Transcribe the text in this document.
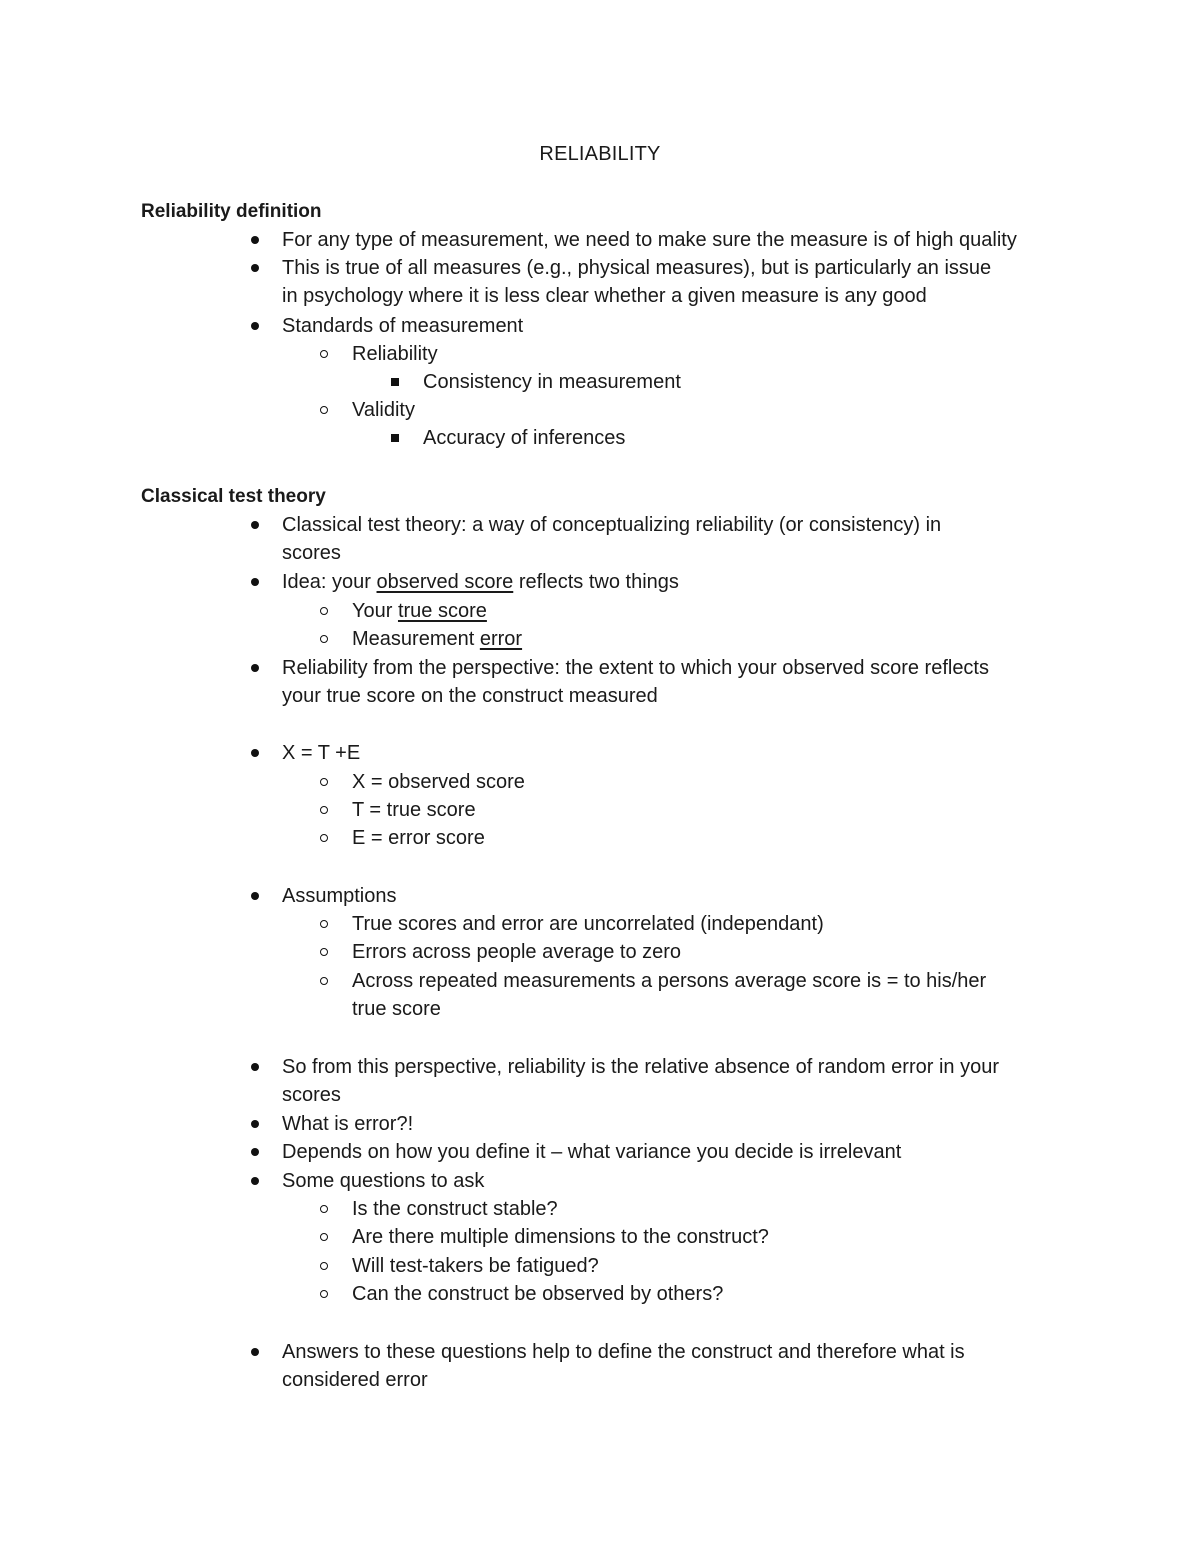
RELIABILITY
Reliability definition
For any type of measurement, we need to make sure the measure is of high quality
This is true of all measures (e.g., physical measures), but is particularly an issue
in psychology where it is less clear whether a given measure is any good
Standards of measurement
Reliability
Consistency in measurement
Validity
Accuracy of inferences
Classical test theory
Classical test theory: a way of conceptualizing reliability (or consistency) in
scores
Idea: your observed score reflects two things
Your true score
Measurement error
Reliability from the perspective: the extent to which your observed score reflects
your true score on the construct measured
X = T +E
X = observed score
T = true score
E = error score
Assumptions
True scores and error are uncorrelated (independant)
Errors across people average to zero
Across repeated measurements a persons average score is = to his/her
true score
So from this perspective, reliability is the relative absence of random error in your
scores
What is error?!
Depends on how you define it – what variance you decide is irrelevant
Some questions to ask
Is the construct stable?
Are there multiple dimensions to the construct?
Will test-takers be fatigued?
Can the construct be observed by others?
Answers to these questions help to define the construct and therefore what is
considered error
